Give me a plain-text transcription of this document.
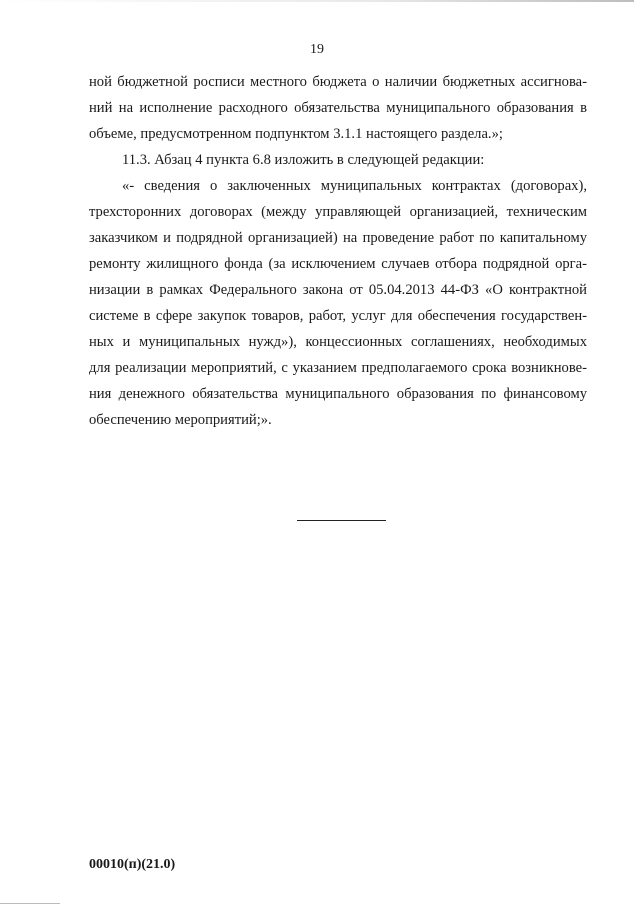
19
ной бюджетной росписи местного бюджета о наличии бюджетных ассигнова-
ний на исполнение расходного обязательства муниципального образования в
объеме, предусмотренном подпунктом 3.1.1 настоящего раздела.»;
11.3. Абзац 4 пункта 6.8 изложить в следующей редакции:
«- сведения о заключенных муниципальных контрактах (договорах),
трехсторонних договорах (между управляющей организацией, техническим
заказчиком и подрядной организацией) на проведение работ по капитальному
ремонту жилищного фонда (за исключением случаев отбора подрядной орга-
низации в рамках Федерального закона от 05.04.2013 44-ФЗ «О контрактной
системе в сфере закупок товаров, работ, услуг для обеспечения государствен-
ных и муниципальных нужд»), концессионных соглашениях, необходимых
для реализации мероприятий, с указанием предполагаемого срока возникнове-
ния денежного обязательства муниципального образования по финансовому
обеспечению мероприятий;».
00010(п)(21.0)
